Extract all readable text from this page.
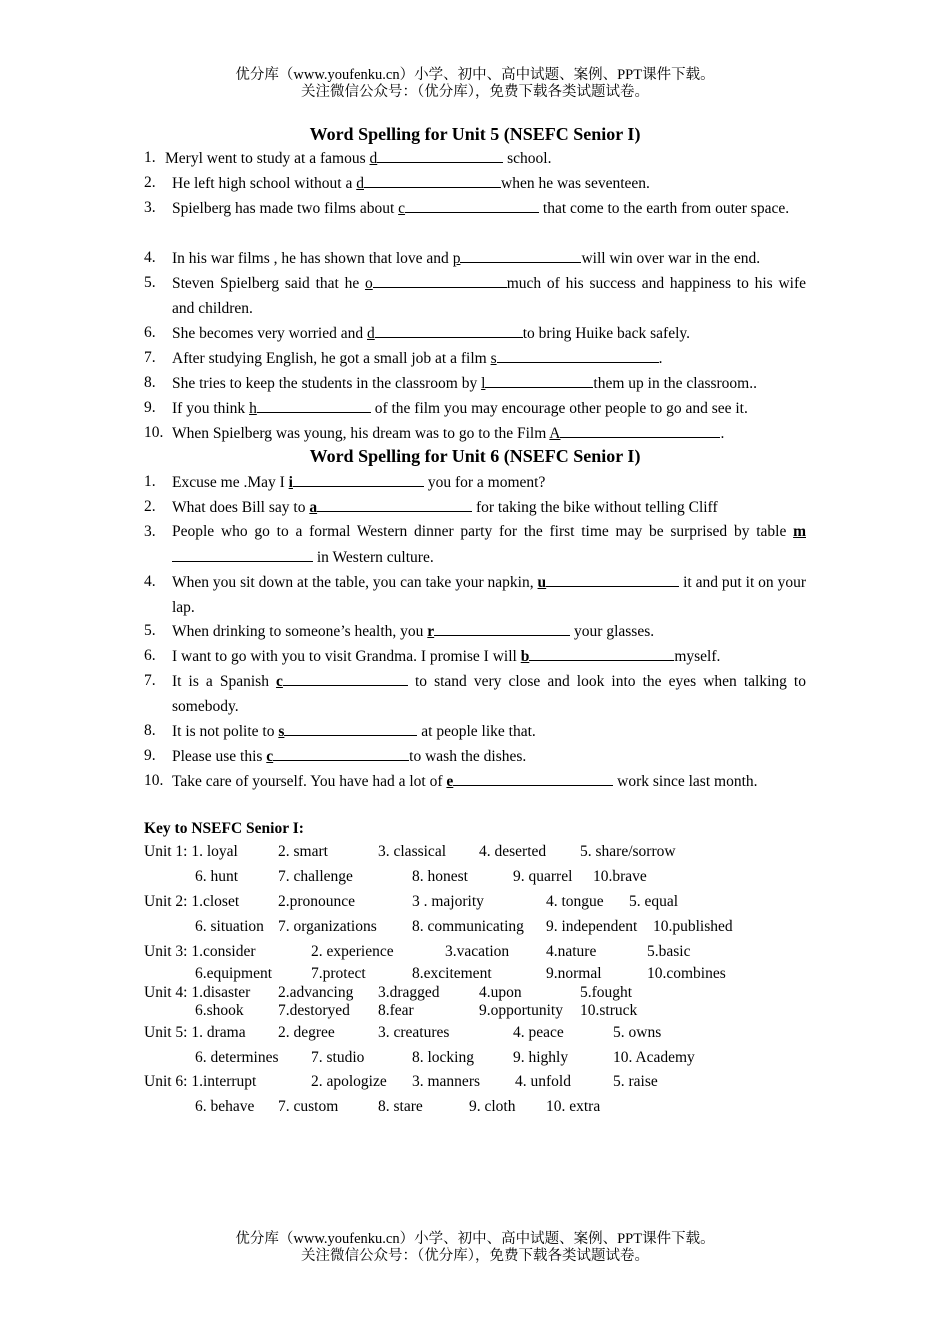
优分库（www.youfenku.cn）小学、初中、高中试题、案例、PPT课件下载。
关注微信公众号：（优分库），免费下载各类试题试卷。
Word Spelling for Unit 5 (NSEFC Senior I)
1. Meryl went to study at a famous d	school.
2.	He left high school without a d	when he was seventeen.
3.	Spielberg has made two films about c	that come to the earth from outer space.
4.	In his war films , he has shown that love and p	will win over war in the end.
5.	Steven Spielberg said that he o	much of his success and happiness to his wife and children.
6.	She becomes very worried and d	to bring Huike back safely.
7.	After studying English, he got a small job at a film s	.
8.	She tries to keep the students in the classroom by l	them up in the classroom..
9.	If you think h	of the film you may encourage other people to go and see it.
10. When Spielberg was young, his dream was to go to the Film A	.
Word Spelling for Unit 6 (NSEFC Senior I)
1.	Excuse me .May I i	you for a moment?
2.	What does Bill say to a	for taking the bike without telling Cliff
3.	People who go to a formal Western dinner party for the first time may be surprised by table m in Western culture.
4.	When you sit down at the table, you can take your napkin, u	it and put it on your lap.
5.	When drinking to someone’s health, you r	your glasses.
6.	I want to go with you to visit Grandma. I promise I will b	myself.
7.	It is a Spanish c	to stand very close and look into the eyes when talking to somebody.
8.	It is not polite to s	at people like that.
9.	Please use this c	to wash the dishes.
10. Take care of yourself. You have had a lot of e	work since last month.
Key to NSEFC Senior I:
Unit 1: 1. loyal	2. smart	3. classical 4. deserted 5. share/sorrow
6. hunt	7. challenge	8. honest	9. quarrel 10.brave
Unit 2: 1.closet	2.pronounce	3 . majority	4. tongue 5. equal
6. situation 7. organizations 8. communicating 9. independent 10.published
Unit 3: 1.consider	2. experience	3.vacation 4.nature	5.basic
6.equipment	7.protect	8.excitement	9.normal	10.combines
Unit 4: 1.disaster 2.advancing 3.dragged	4.upon	5.fought
6.shook 7.destoryed 8.fear	9.opportunity 10.struck
Unit 5: 1. drama 2. degree	3. creatures	4. peace	5. owns
6. determines 7. studio	8. locking	9. highly	10. Academy
Unit 6: 1.interrupt	2. apologize 3. manners 4. unfold	5. raise
6. behave 7. custom	8. stare	9. cloth 10. extra
优分库（www.youfenku.cn）小学、初中、高中试题、案例、PPT课件下载。
关注微信公众号：（优分库），免费下载各类试题试卷。
